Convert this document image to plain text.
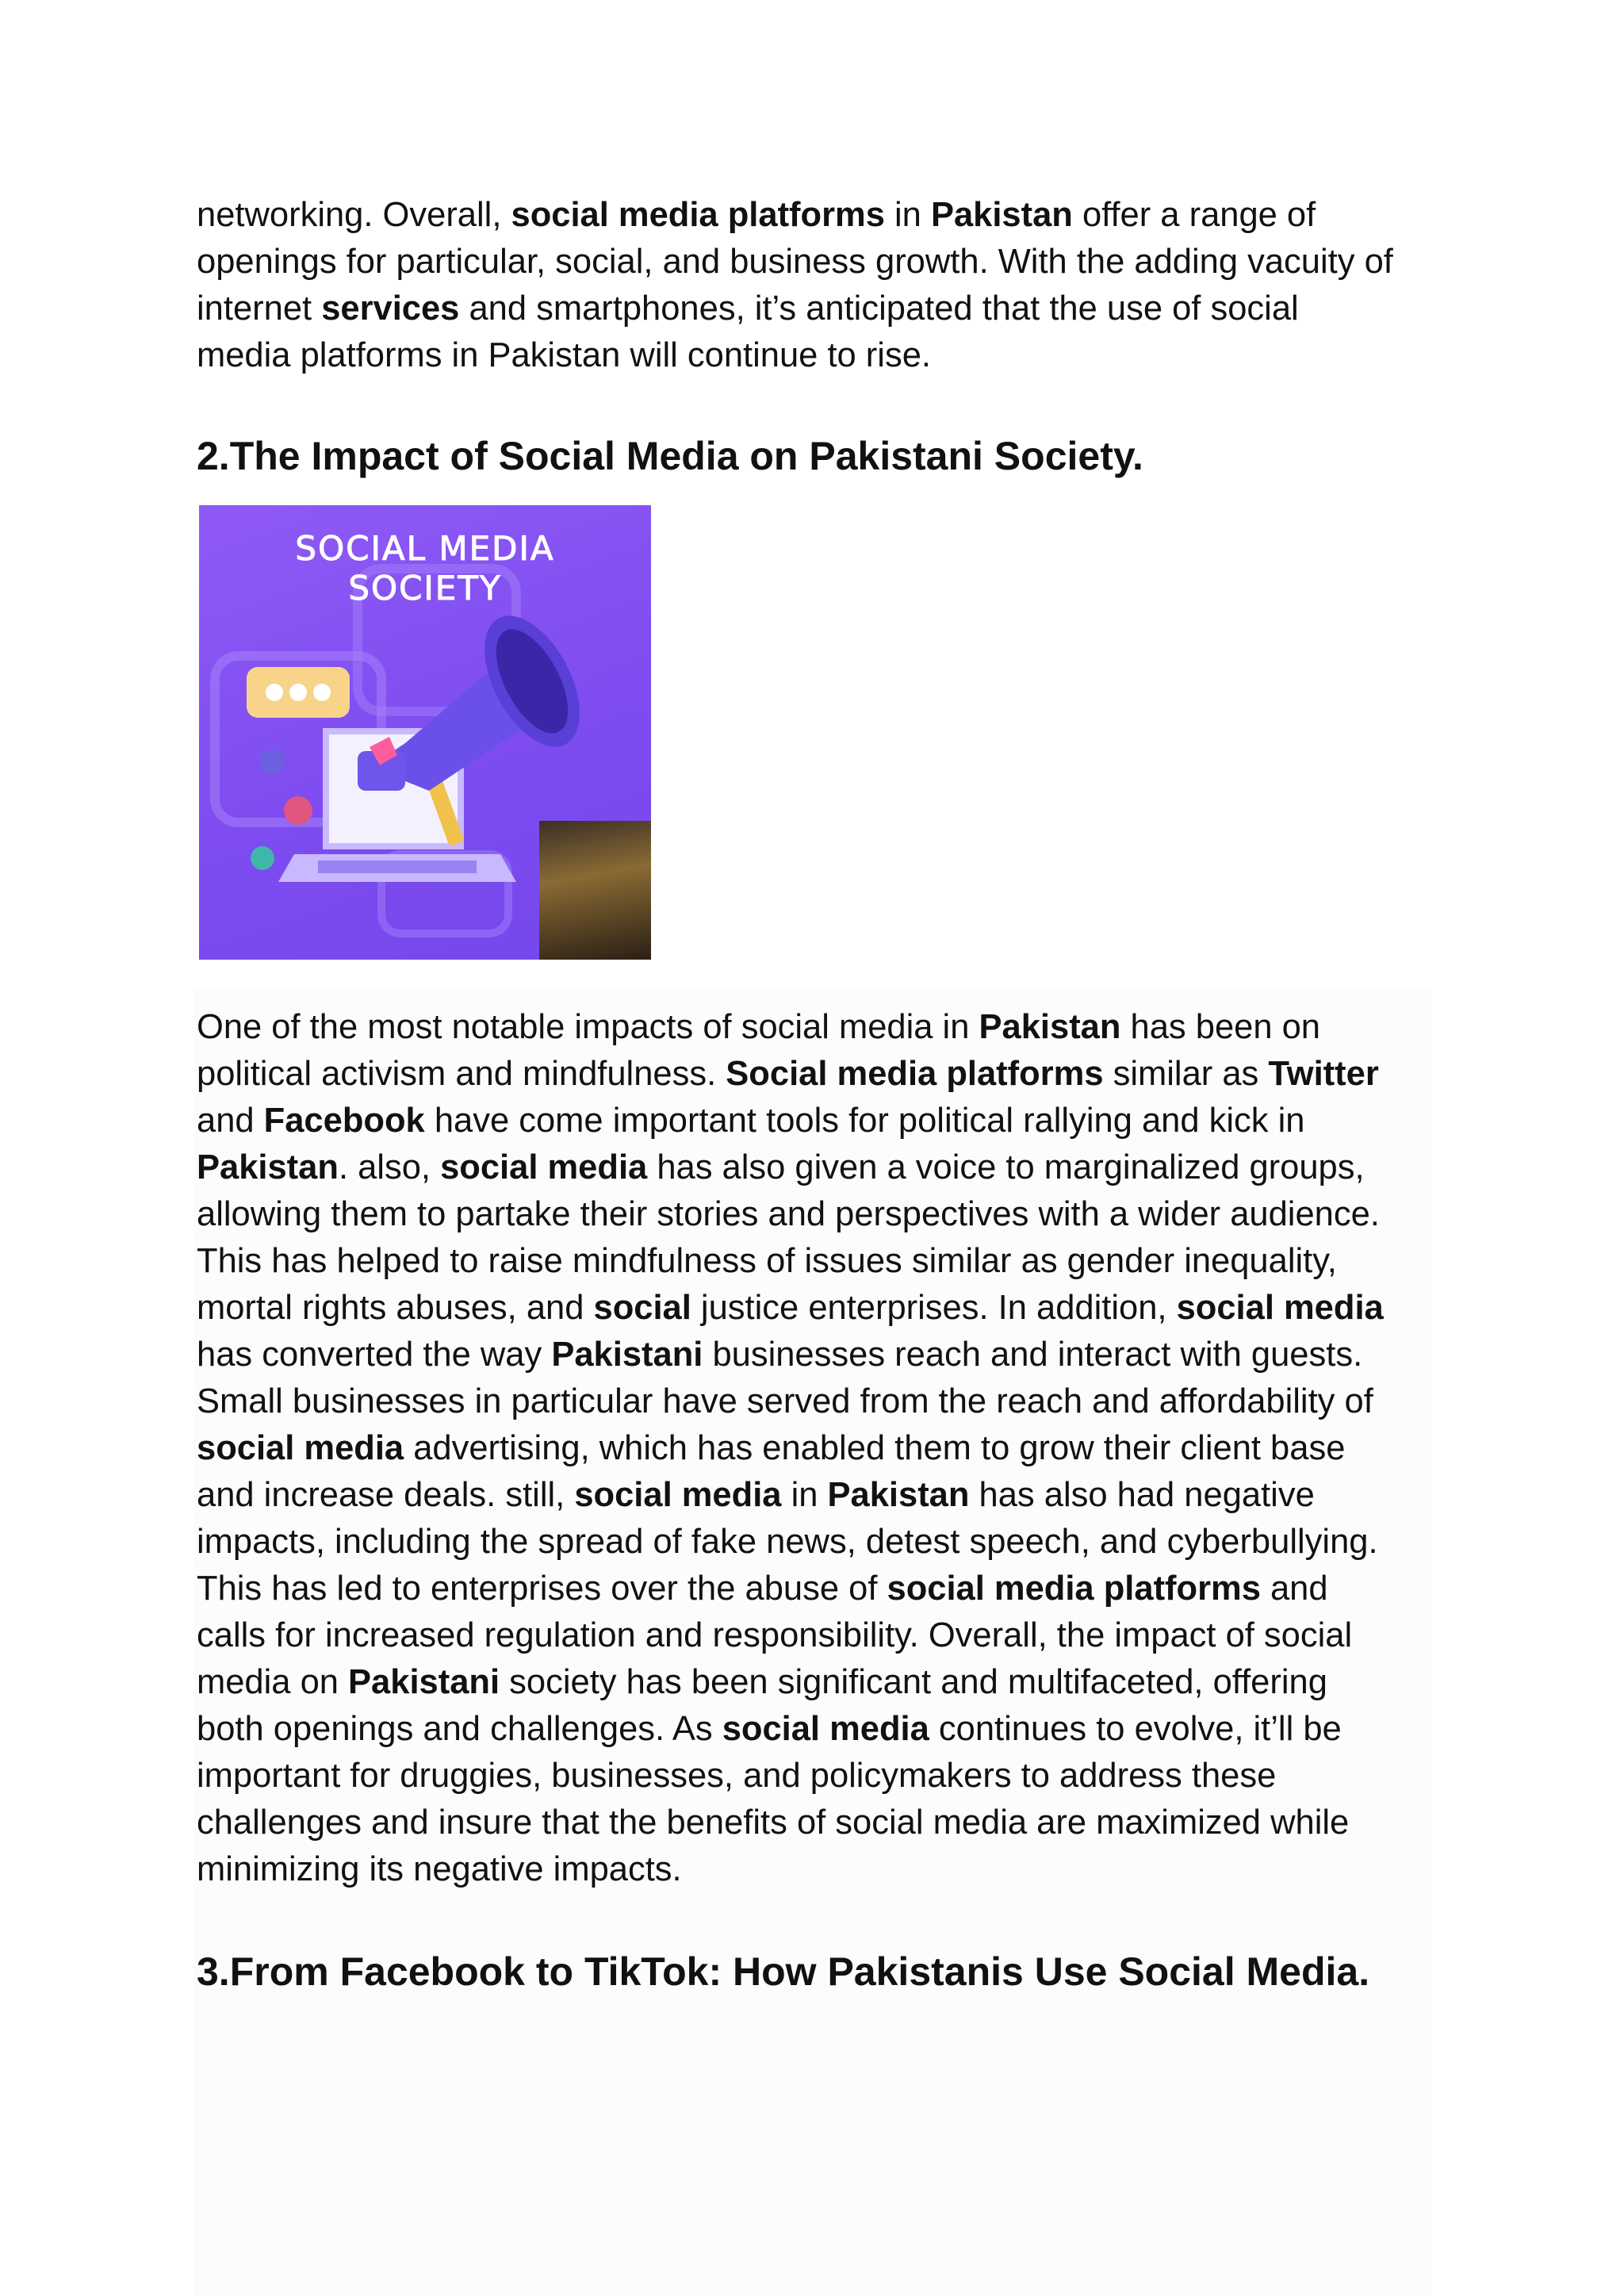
networking. Overall, social media platforms in Pakistan offer a range of
openings for particular, social, and business growth. With the adding vacuity of
internet services and smartphones, it’s anticipated that the use of social
media platforms in Pakistan will continue to rise.
2.The Impact of Social Media on Pakistani Society.
SOCIAL MEDIA
SOCIETY
One of the most notable impacts of social media in Pakistan has been on
political activism and mindfulness. Social media platforms similar as Twitter
and Facebook have come important tools for political rallying and kick in
Pakistan. also, social media has also given a voice to marginalized groups,
allowing them to partake their stories and perspectives with a wider audience.
This has helped to raise mindfulness of issues similar as gender inequality,
mortal rights abuses, and social justice enterprises. In addition, social media
has converted the way Pakistani businesses reach and interact with guests.
Small businesses in particular have served from the reach and affordability of
social media advertising, which has enabled them to grow their client base
and increase deals. still, social media in Pakistan has also had negative
impacts, including the spread of fake news, detest speech, and cyberbullying.
This has led to enterprises over the abuse of social media platforms and
calls for increased regulation and responsibility. Overall, the impact of social
media on Pakistani society has been significant and multifaceted, offering
both openings and challenges. As social media continues to evolve, it’ll be
important for druggies, businesses, and policymakers to address these
challenges and insure that the benefits of social media are maximized while
minimizing its negative impacts.
3.From Facebook to TikTok: How Pakistanis Use Social Media.
